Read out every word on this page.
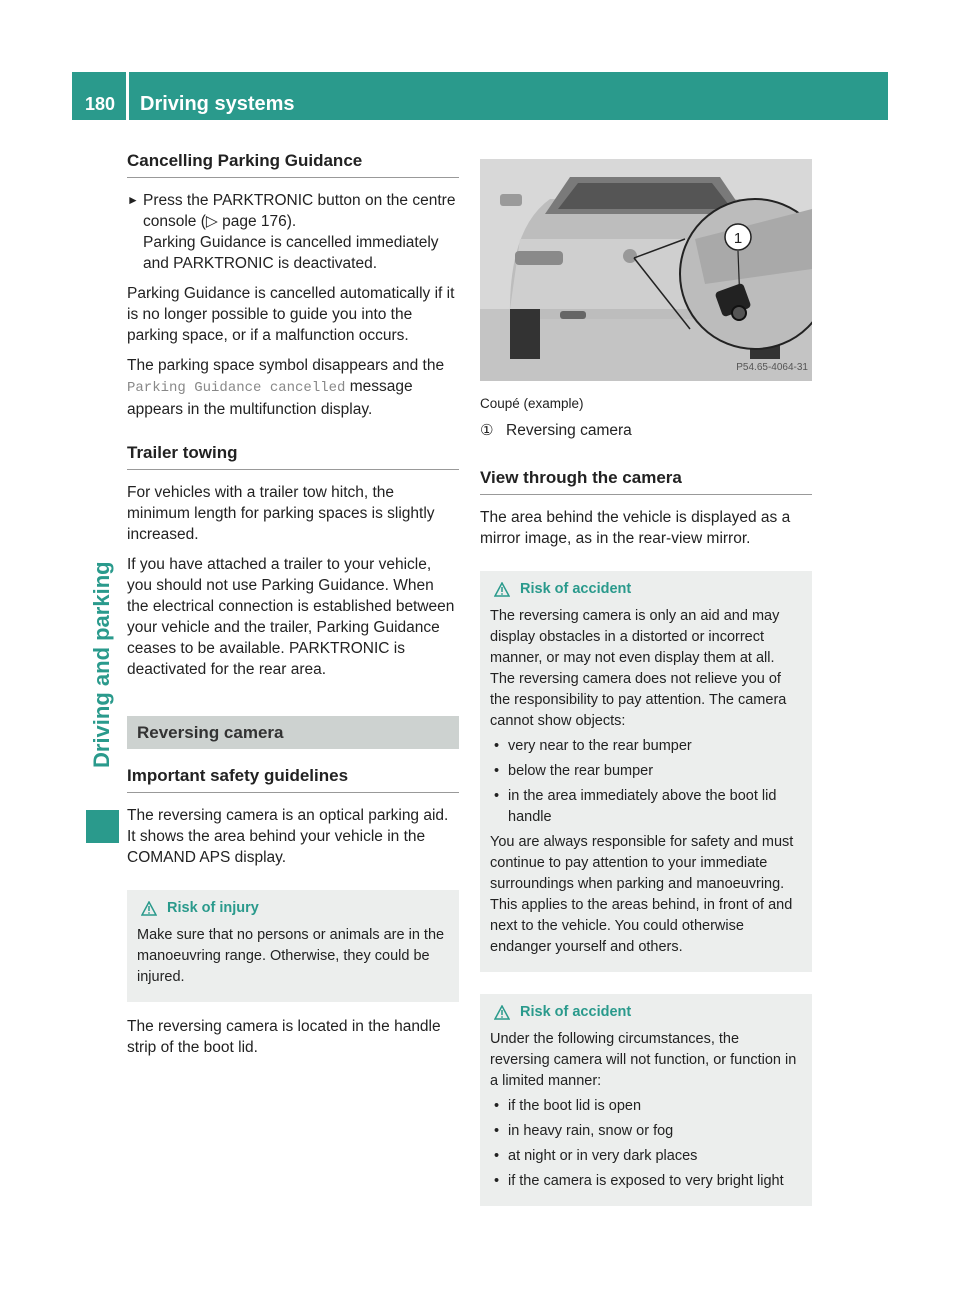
180	Driving systems
Driving and parking
Cancelling Parking Guidance
► Press the PARKTRONIC button on the centre console (▷ page 176).
Parking Guidance is cancelled immediately and PARKTRONIC is deactivated.

Parking Guidance is cancelled automatically if it is no longer possible to guide you into the parking space, or if a malfunction occurs.

The parking space symbol disappears and the Parking Guidance cancelled message appears in the multifunction display.

Trailer towing

For vehicles with a trailer tow hitch, the minimum length for parking spaces is slightly increased.

If you have attached a trailer to your vehicle, you should not use Parking Guidance. When the electrical connection is established between your vehicle and the trailer, Parking Guidance ceases to be available. PARKTRONIC is deactivated for the rear area.

Reversing camera
Important safety guidelines

The reversing camera is an optical parking aid. It shows the area behind your vehicle in the COMAND APS display.

Risk of injury

Make sure that no persons or animals are in the manoeuvring range. Otherwise, they could be injured.

The reversing camera is located in the handle strip of the boot lid.

1
P54.65-4064-31
Coupé (example)
① Reversing camera
View through the camera

The area behind the vehicle is displayed as a mirror image, as in the rear-view mirror.

Risk of accident

The reversing camera is only an aid and may display obstacles in a distorted or incorrect manner, or may not even display them at all. The reversing camera does not relieve you of the responsibility to pay attention. The camera cannot show objects:

• very near to the rear bumper
• below the rear bumper
• in the area immediately above the boot lid handle

You are always responsible for safety and must continue to pay attention to your immediate surroundings when parking and manoeuvring. This applies to the areas behind, in front of and next to the vehicle. You could otherwise endanger yourself and others.

Risk of accident

Under the following circumstances, the reversing camera will not function, or function in a limited manner:

• if the boot lid is open
• in heavy rain, snow or fog
• at night or in very dark places
• if the camera is exposed to very bright light
